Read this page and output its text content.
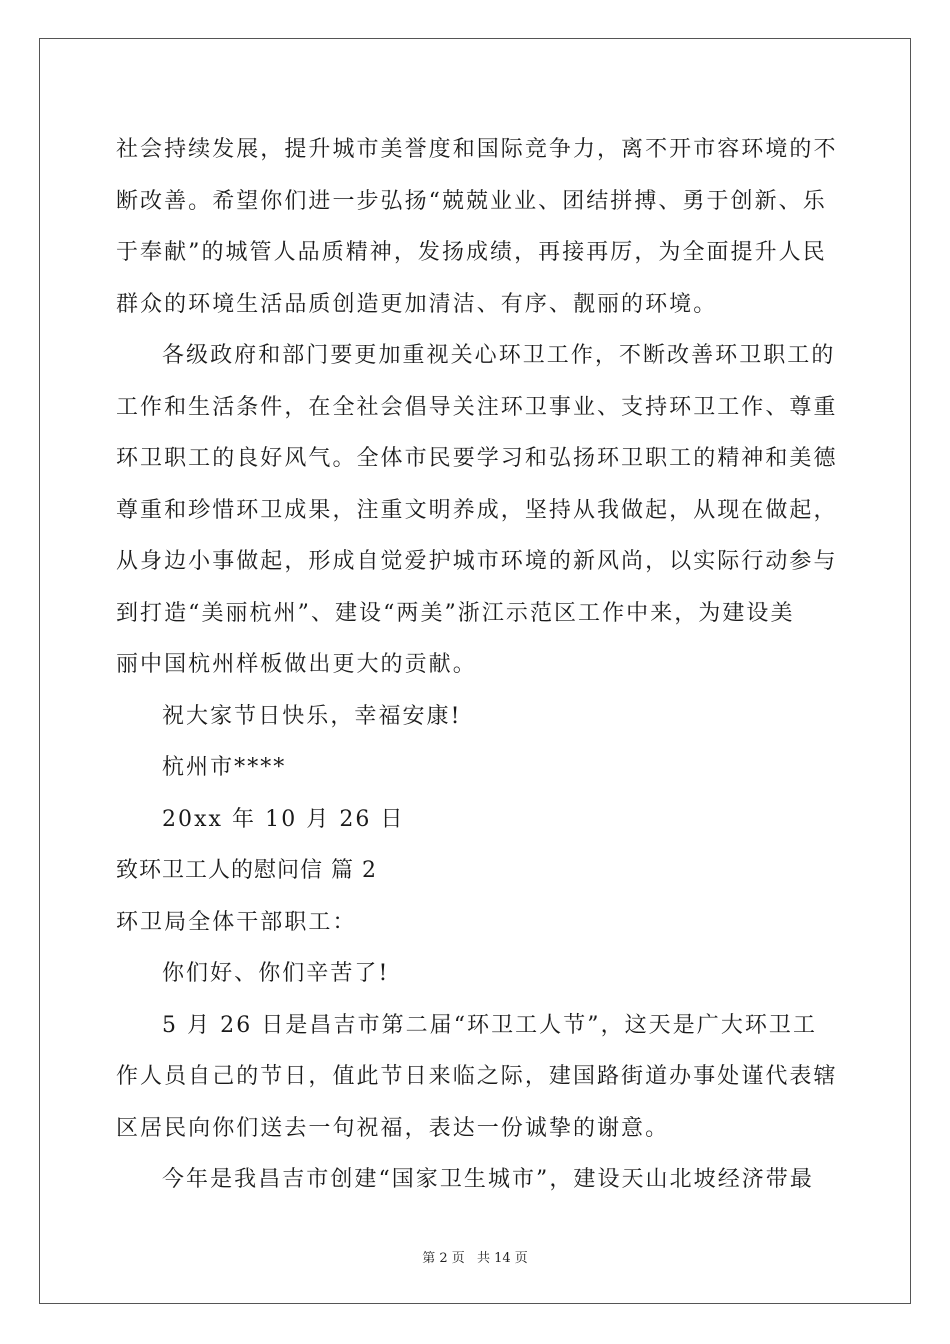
社会持续发展，提升城市美誉度和国际竞争力，离不开市容环境的不
断改善。希望你们进一步弘扬“兢兢业业、团结拼搏、勇于创新、乐
于奉献”的城管人品质精神，发扬成绩，再接再厉，为全面提升人民
群众的环境生活品质创造更加清洁、有序、靓丽的环境。
各级政府和部门要更加重视关心环卫工作，不断改善环卫职工的
工作和生活条件，在全社会倡导关注环卫事业、支持环卫工作、尊重
环卫职工的良好风气。全体市民要学习和弘扬环卫职工的精神和美德
尊重和珍惜环卫成果，注重文明养成，坚持从我做起，从现在做起，
从身边小事做起，形成自觉爱护城市环境的新风尚，以实际行动参与
到打造“美丽杭州”、建设“两美”浙江示范区工作中来，为建设美
丽中国杭州样板做出更大的贡献。
祝大家节日快乐，幸福安康!
杭州市****
20xx 年 10 月 26 日
致环卫工人的慰问信 篇 2
环卫局全体干部职工：
你们好、你们辛苦了!
5 月 26 日是昌吉市第二届“环卫工人节”，这天是广大环卫工
作人员自己的节日，值此节日来临之际，建国路街道办事处谨代表辖
区居民向你们送去一句祝福，表达一份诚挚的谢意。
今年是我昌吉市创建“国家卫生城市”，建设天山北坡经济带最
第 2 页 共 14 页
